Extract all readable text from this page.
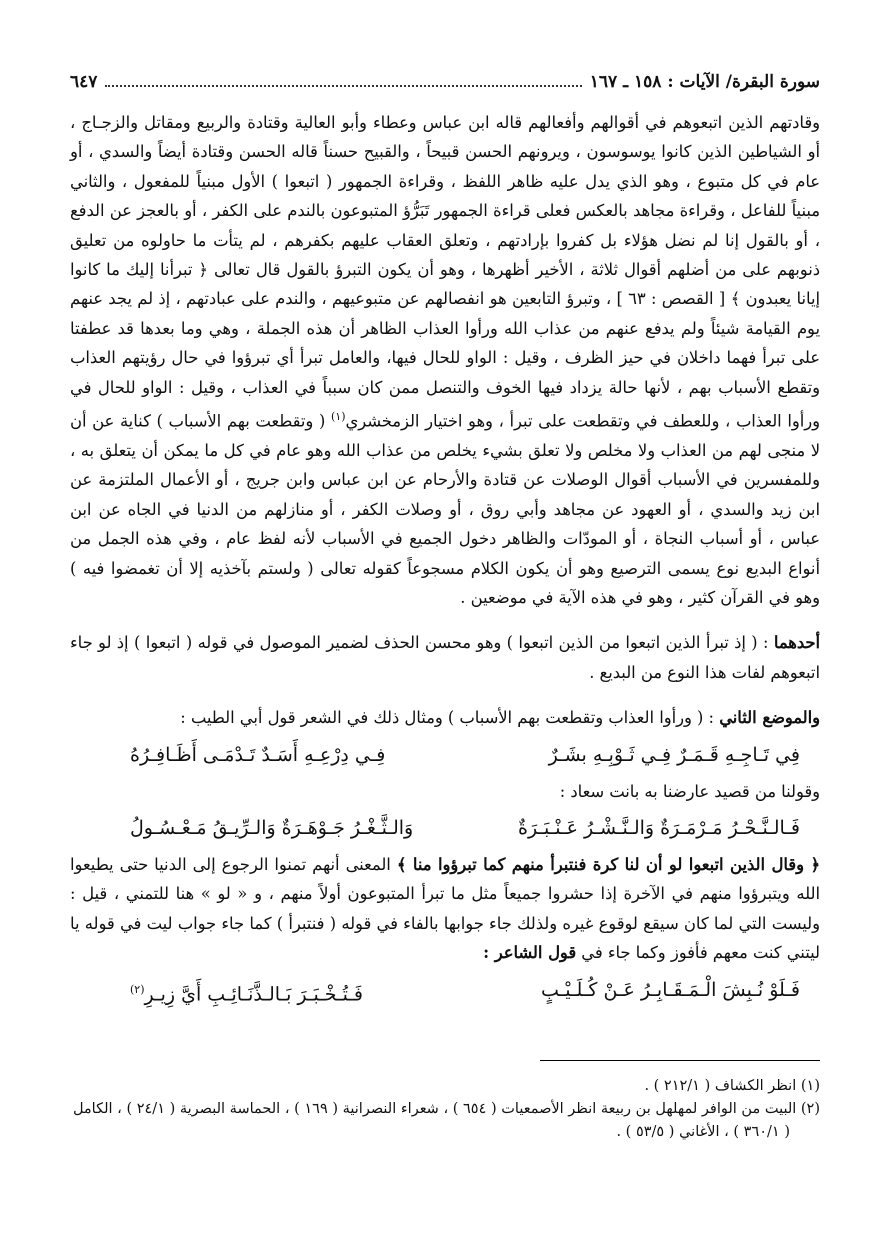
سورة البقرة/ الآيات : ١٥٨ ـ ١٦٧
٦٤٧

وقادتهم الذين اتبعوهم في أقوالهم وأفعالهم قاله ابن عباس وعطاء وأبو العالية وقتادة والربيع ومقاتل والزجـاج ، أو الشياطين الذين كانوا يوسوسون ، ويرونهم الحسن قبيحاً ، والقبيح حسناً قاله الحسن وقتادة أيضاً والسدي ، أو عام في كل متبوع ، وهو الذي يدل عليه ظاهر اللفظ ، وقراءة الجمهور ( اتبعوا ) الأول مبنياً للمفعول ، والثاني مبنياً للفاعل ، وقراءة مجاهد بالعكس فعلى قراءة الجمهور تَبَرُّؤ المتبوعون بالندم على الكفر ، أو بالعجز عن الدفع ، أو بالقول إنا لم نضل هؤلاء بل كفروا بإرادتهم ، وتعلق العقاب عليهم بكفرهم ، لم يتأت ما حاولوه من تعليق ذنوبهم على من أضلهم أقوال ثلاثة ، الأخير أظهرها ، وهو أن يكون التبرؤ بالقول قال تعالى ﴿ تبرأنا إليك ما كانوا إيانا يعبدون ﴾ [ القصص : ٦٣ ] ، وتبرؤ التابعين هو انفصالهم عن متبوعيهم ، والندم على عبادتهم ، إذ لم يجد عنهم يوم القيامة شيئاً ولم يدفع عنهم من عذاب الله ورأوا العذاب الظاهر أن هذه الجملة ، وهي وما بعدها قد عطفتا على تبرأ فهما داخلان في حيز الظرف ، وقيل : الواو للحال فيها، والعامل تبرأ أي تبرؤوا في حال رؤيتهم العذاب وتقطع الأسباب بهم ، لأنها حالة يزداد فيها الخوف والتنصل ممن كان سبباً في العذاب ، وقيل : الواو للحال في ورأوا العذاب ، وللعطف في وتقطعت على تبرأ ، وهو اختيار الزمخشري$^{(١)}$ ( وتقطعت بهم الأسباب ) كناية عن أن لا منجى لهم من العذاب ولا مخلص ولا تعلق بشيء يخلص من عذاب الله وهو عام في كل ما يمكن أن يتعلق به ، وللمفسرين في الأسباب أقوال الوصلات عن قتادة والأرحام عن ابن عباس وابن جريج ، أو الأعمال الملتزمة عن ابن زيد والسدي ، أو العهود عن مجاهد وأبي روق ، أو وصلات الكفر ، أو منازلهم من الدنيا في الجاه عن ابن عباس ، أو أسباب النجاة ، أو المودّات والظاهر دخول الجميع في الأسباب لأنه لفظ عام ، وفي هذه الجمل من أنواع البديع نوع يسمى الترصيع وهو أن يكون الكلام مسجوعاً كقوله تعالى ( ولستم بآخذيه إلا أن تغمضوا فيه ) وهو في القرآن كثير ، وهو في هذه الآية في موضعين .

أحدهما : ( إذ تبرأ الذين اتبعوا من الذين اتبعوا ) وهو محسن الحذف لضمير الموصول في قوله ( اتبعوا ) إذ لو جاء اتبعوهم لفات هذا النوع من البديع .

والموضع الثاني : ( ورأوا العذاب وتقطعت بهم الأسباب ) ومثال ذلك في الشعر قول أبي الطيب :

فِي تَـاجِـهِ قَـمَـرٌ فِـي ثَـوْبِـهِ بشَـرٌ
فِـي دِرْعِـهِ أَسَـدٌ تَـدْمَـى أَظَـافِـرُهُ

وقولنا من قصيد عارضنا به بانت سعاد :

فَـالـنَّـحْـرُ مَـرْمَـرَةٌ وَالـنَّـشْـرُ عَـنْـبَـرَةٌ
وَالـثَّـغْـرُ جَـوْهَـرَةٌ وَالـرِّيـقُ مَـعْـسُـولُ

﴿ وقال الذين اتبعوا لو أن لنا كرة فنتبرأ منهم كما تبرؤوا منا ﴾ المعنى أنهم تمنوا الرجوع إلى الدنيا حتى يطيعوا الله ويتبرؤوا منهم في الآخرة إذا حشروا جميعاً مثل ما تبرأ المتبوعون أولاً منهم ، و « لو » هنا للتمني ، قيل : وليست التي لما كان سيقع لوقوع غيره ولذلك جاء جوابها بالفاء في قوله ( فنتبرأ ) كما جاء جواب ليت في قوله يا ليتني كنت معهم فأفوز وكما جاء في قول الشاعر :

فَـلَوْ نُـبِشَ الْـمَـقَـابِـرُ عَـنْ كُـلَـيْـبٍ
فَـتُـخْـبَـرَ بَـالـذَّنَـائِـبِ أَيَّ زِيـرِ$^{(٢)}$

(١) انظر الكشاف ( ٢١٢/١ ) .

(٢) البيت من الوافر لمهلهل بن ربيعة انظر الأصمعيات ( ٦٥٤ ) ، شعراء النصرانية ( ١٦٩ ) ، الحماسة البصرية ( ٢٤/١ ) ، الكامل
( ٣٦٠/١ ) ، الأغاني ( ٥٣/٥ ) .
